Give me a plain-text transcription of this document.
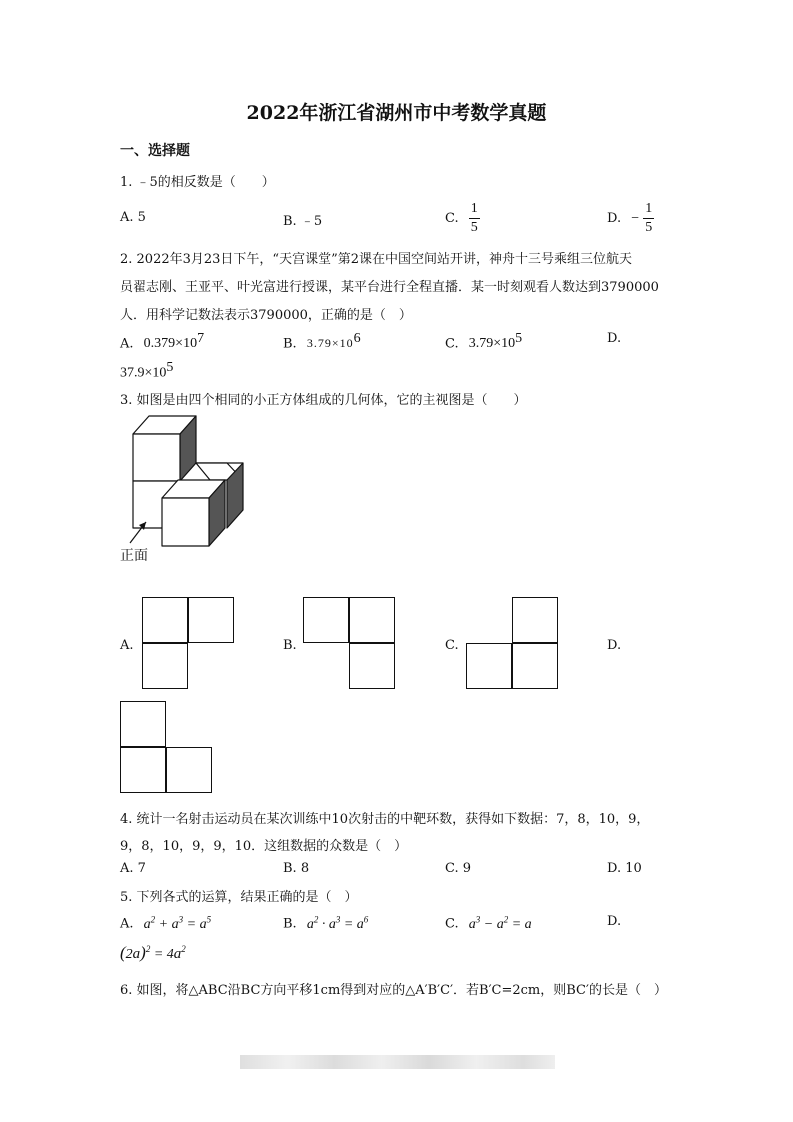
2022年浙江省湖州市中考数学真题
一、选择题
1. ﹣5的相反数是（　　）
A. 5	B. ﹣5	C. $\frac{1}{5}$	D. − $\frac{1}{5}$
2. 2022年3月23日下午，“天宫课堂”第2课在中国空间站开讲，神舟十三号乘组三位航天
员翟志刚、王亚平、叶光富进行授课，某平台进行全程直播．某一时刻观看人数达到3790000
人．用科学记数法表示3790000，正确的是（　）
A. $0.379\times 10^7$	B. $3.79\times 10^6$	C. $3.79\times 10^5$	D.
$37.9\times 10^5$
3. 如图是由四个相同的小正方体组成的几何体，它的主视图是（　　）
正面
A.	B.	C.	D.
4. 统计一名射击运动员在某次训练中10次射击的中靶环数，获得如下数据：7，8，10，9，
9，8，10，9，9，10．这组数据的众数是（　）
A. 7	B. 8	C. 9	D. 10
5. 下列各式的运算，结果正确的是（　）
A. $a^2 + a^3 = a^5$	B. $a^2 \cdot a^3 = a^6$	C. $a^3 - a^2 = a$	D.
$(2a)^2 = 4a^2$
6. 如图，将△ABC沿BC方向平移1cm得到对应的△A′B′C′．若B′C=2cm，则BC′的长是（　）
